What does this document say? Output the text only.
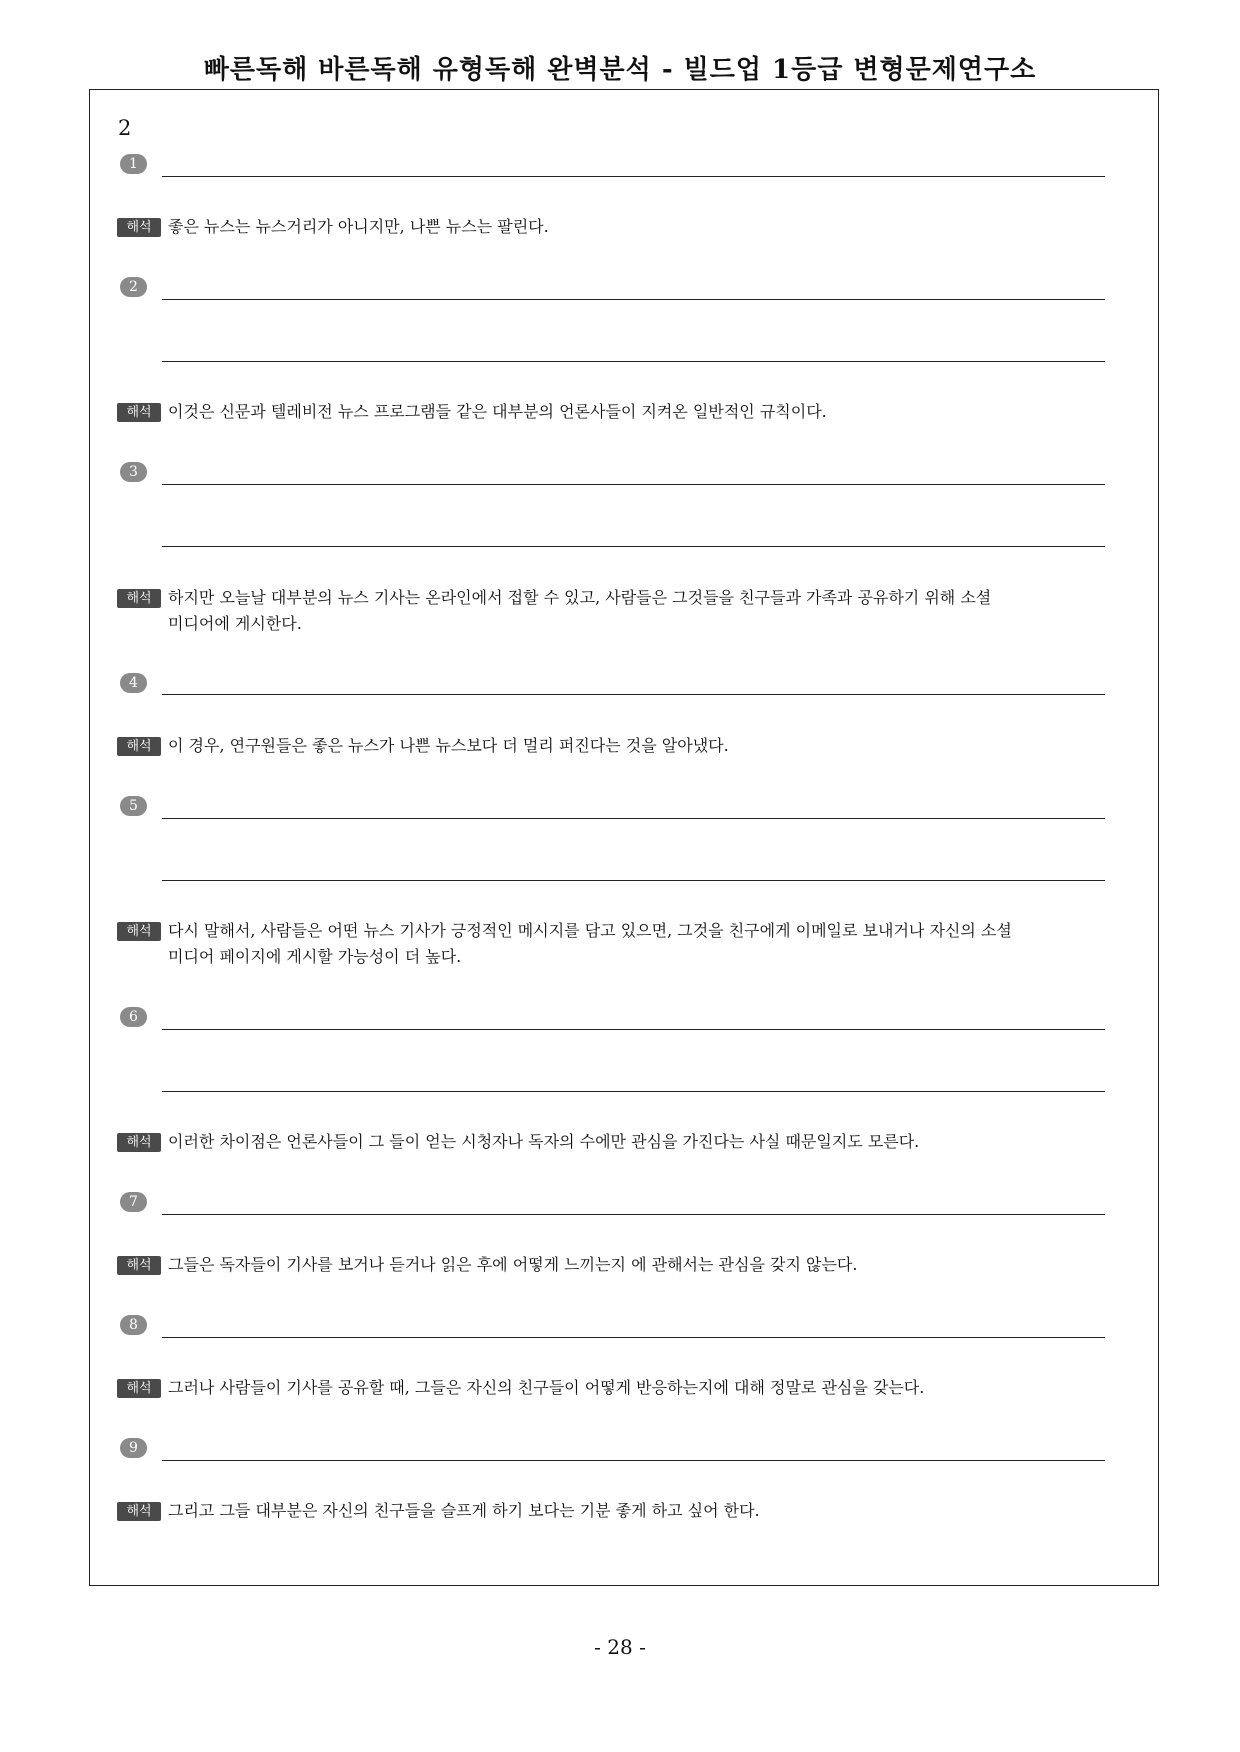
빠른독해 바른독해 유형독해 완벽분석 - 빌드업 1등급 변형문제연구소
2
1
해석	좋은 뉴스는 뉴스거리가 아니지만, 나쁜 뉴스는 팔린다.
2
해석	이것은 신문과 텔레비전 뉴스 프로그램들 같은 대부분의 언론사들이 지켜온 일반적인 규칙이다.
3
해석	하지만 오늘날 대부분의 뉴스 기사는 온라인에서 접할 수 있고, 사람들은 그것들을 친구들과 가족과 공유하기 위해 소셜
미디어에 게시한다.
4
해석	이 경우, 연구원들은 좋은 뉴스가 나쁜 뉴스보다 더 멀리 퍼진다는 것을 알아냈다.
5
해석	다시 말해서, 사람들은 어떤 뉴스 기사가 긍정적인 메시지를 담고 있으면, 그것을 친구에게 이메일로 보내거나 자신의 소셜
미디어 페이지에 게시할 가능성이 더 높다.
6
해석	이러한 차이점은 언론사들이 그 들이 얻는 시청자나 독자의 수에만 관심을 가진다는 사실 때문일지도 모른다.
7
해석	그들은 독자들이 기사를 보거나 듣거나 읽은 후에 어떻게 느끼는지 에 관해서는 관심을 갖지 않는다.
8
해석	그러나 사람들이 기사를 공유할 때, 그들은 자신의 친구들이 어떻게 반응하는지에 대해 정말로 관심을 갖는다.
9
해석	그리고 그들 대부분은 자신의 친구들을 슬프게 하기 보다는 기분 좋게 하고 싶어 한다.
- 28 -
